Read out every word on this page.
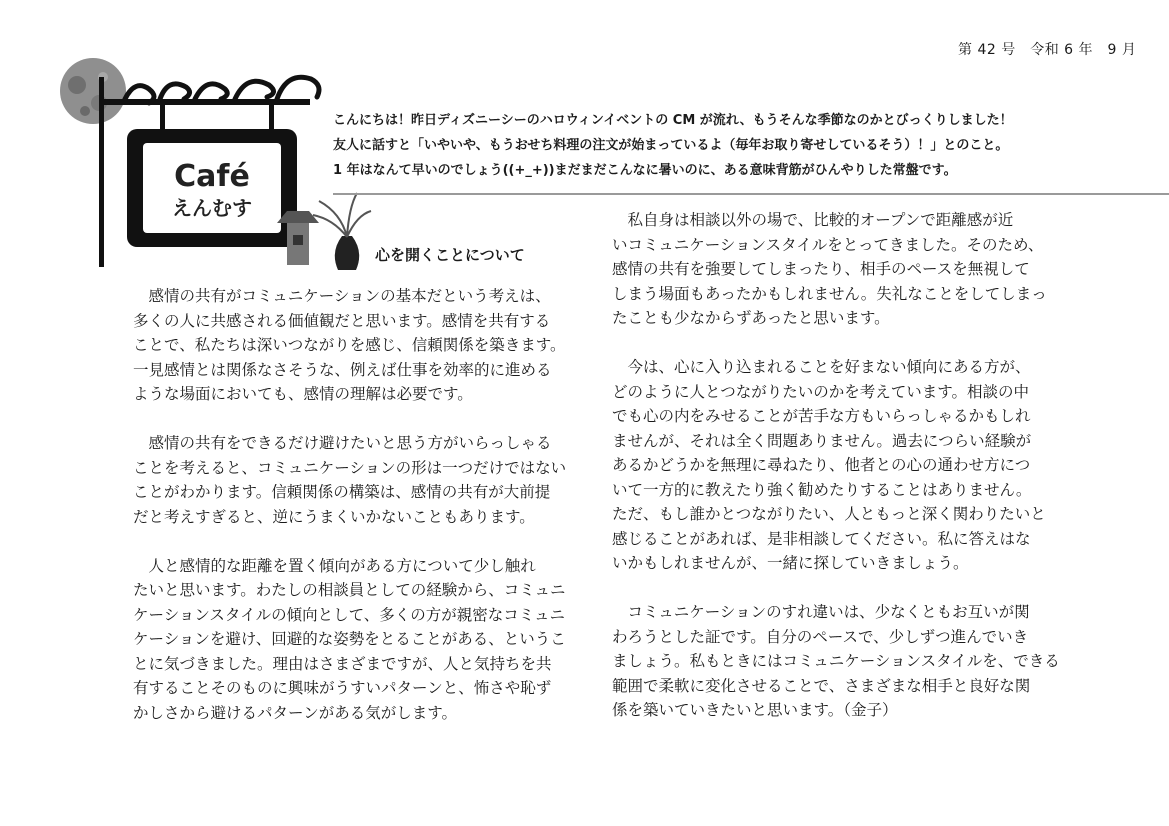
第 42 号　令和 6 年　9 月
Café
えんむす

こんにちは！昨日ディズニーシーのハロウィンイベントの CM が流れ、もうそんな季節なのかとびっくりしました！

友人に話すと「いやいや、もうおせち料理の注文が始まっているよ（毎年お取り寄せしているそう）！」とのこと。

1 年はなんて早いのでしょう((+_+))まだまだこんなに暑いのに、ある意味背筋がひんやりした常盤です。

心を開くことについて

　感情の共有がコミュニケーションの基本だという考えは、
多くの人に共感される価値観だと思います。感情を共有する
ことで、私たちは深いつながりを感じ、信頼関係を築きます。
一見感情とは関係なさそうな、例えば仕事を効率的に進める
ような場面においても、感情の理解は必要です。

　感情の共有をできるだけ避けたいと思う方がいらっしゃる
ことを考えると、コミュニケーションの形は一つだけではない
ことがわかります。信頼関係の構築は、感情の共有が大前提
だと考えすぎると、逆にうまくいかないこともあります。

　人と感情的な距離を置く傾向がある方について少し触れ
たいと思います。わたしの相談員としての経験から、コミュニ
ケーションスタイルの傾向として、多くの方が親密なコミュニ
ケーションを避け、回避的な姿勢をとることがある、というこ
とに気づきました。理由はさまざまですが、人と気持ちを共
有することそのものに興味がうすいパターンと、怖さや恥ず
かしさから避けるパターンがある気がします。

　私自身は相談以外の場で、比較的オープンで距離感が近
いコミュニケーションスタイルをとってきました。そのため、
感情の共有を強要してしまったり、相手のペースを無視して
しまう場面もあったかもしれません。失礼なことをしてしまっ
たことも少なからずあったと思います。

　今は、心に入り込まれることを好まない傾向にある方が、
どのように人とつながりたいのかを考えています。相談の中
でも心の内をみせることが苦手な方もいらっしゃるかもしれ
ませんが、それは全く問題ありません。過去につらい経験が
あるかどうかを無理に尋ねたり、他者との心の通わせ方につ
いて一方的に教えたり強く勧めたりすることはありません。
ただ、もし誰かとつながりたい、人ともっと深く関わりたいと
感じることがあれば、是非相談してください。私に答えはな
いかもしれませんが、一緒に探していきましょう。

　コミュニケーションのすれ違いは、少なくともお互いが関
わろうとした証です。自分のペースで、少しずつ進んでいき
ましょう。私もときにはコミュニケーションスタイルを、できる
範囲で柔軟に変化させることで、さまざまな相手と良好な関
係を築いていきたいと思います。（金子）
